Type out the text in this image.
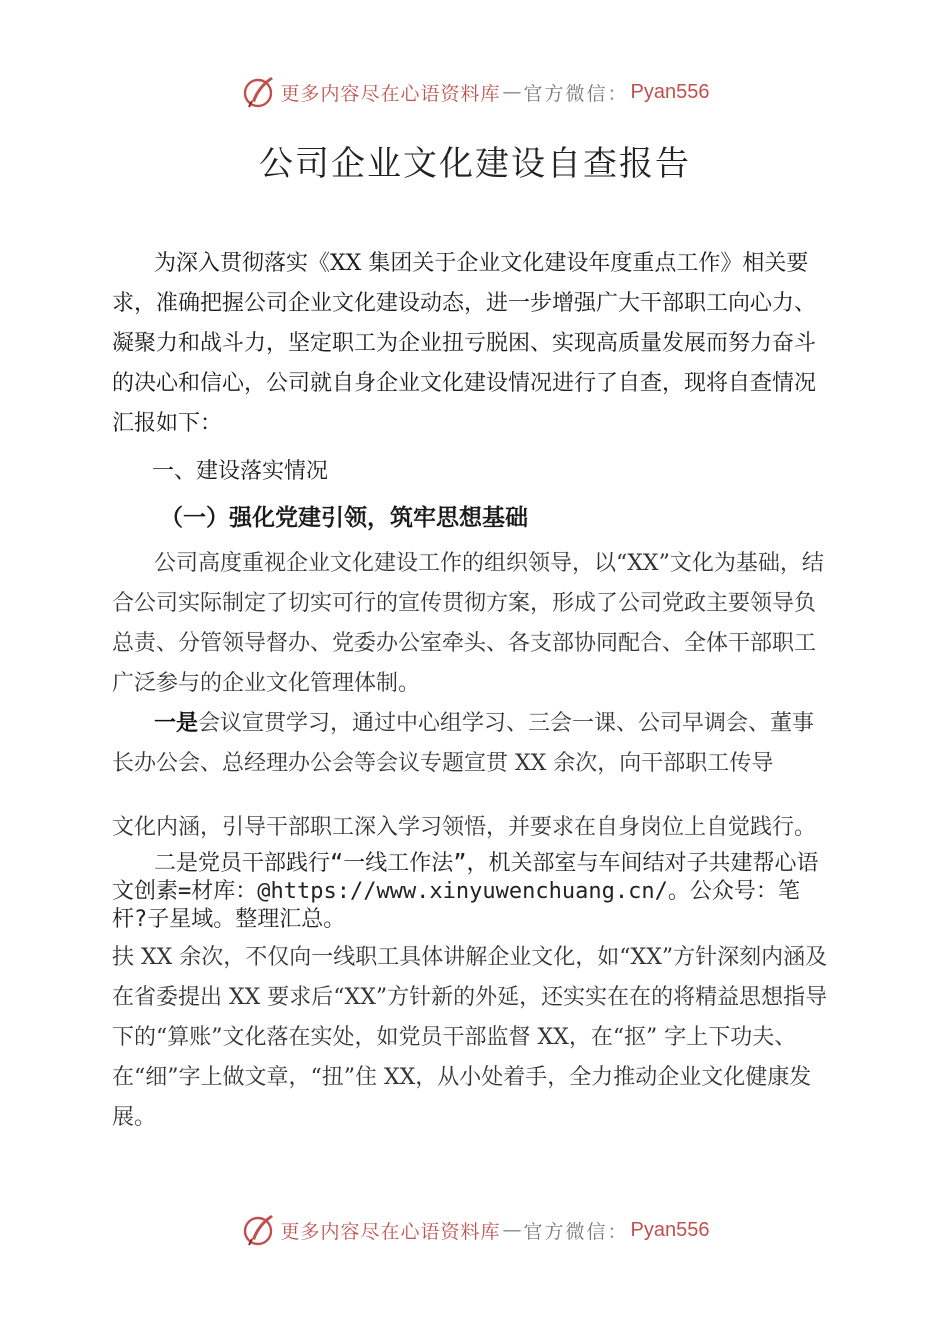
更多内容尽在心语资料库 — 官方微信： Pyan556
公司企业文化建设自查报告

为深入贯彻落实《XX 集团关于企业文化建设年度重点工作》相关要求，准确把握公司企业文化建设动态，进一步增强广大干部职工向心力、 凝聚力和战斗力，坚定职工为企业扭亏脱困、实现高质量发展而努力奋斗的决心和信心，公司就自身企业文化建设情况进行了自查，现将自查情况汇报如下：

一、建设落实情况
（一）强化党建引领，筑牢思想基础

公司高度重视企业文化建设工作的组织领导，以“XX”文化为基础，结合公司实际制定了切实可行的宣传贯彻方案，形成了公司党政主要领导负总责、分管领导督办、党委办公室牵头、各支部协同配合、全体干部职工广泛参与的企业文化管理体制。

一是会议宣贯学习，通过中心组学习、三会一课、公司早调会、董事长办公会、总经理办公会等会议专题宣贯 XX 余次，向干部职工传导

文化内涵，引导干部职工深入学习领悟，并要求在自身岗位上自觉践行。

二是党员干部践行“一线工作法”，机关部室与车间结对子共建帮心语文创素=材库：@https://www.xinyuwenchuang.cn/。公众号：笔杆?子星域。整理汇总。

扶 XX 余次，不仅向一线职工具体讲解企业文化，如“XX”方针深刻内涵及在省委提出 XX 要求后“XX”方针新的外延，还实实在在的将精益思想指导下的“算账”文化落在实处，如党员干部监督 XX，在“抠” 字上下功夫、在“细”字上做文章，“扭”住 XX，从小处着手，全力推动企业文化健康发展。

更多内容尽在心语资料库 — 官方微信： Pyan556
